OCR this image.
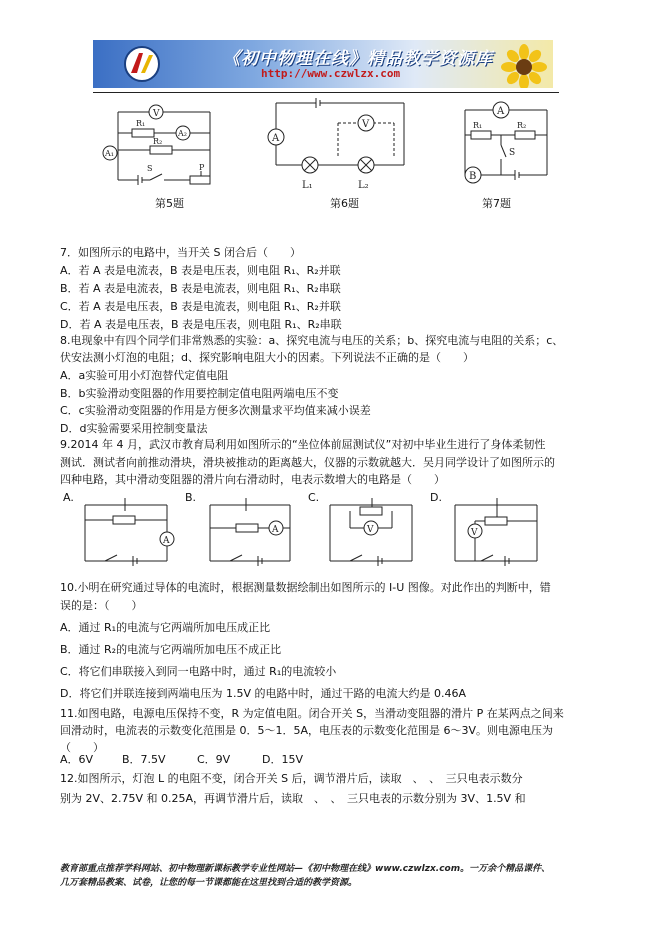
《初中物理在线》精品教学资源库
http://www.czwlzx.com
V
R₁
A₂
R₂
A₁
S	P
第5题
A
L₁	L₂
V
第6题
A
R₁	R₂
S
B
第7题
7．如图所示的电路中，当开关 S 闭合后（　　）
A．若 A 表是电流表，B 表是电压表，则电阻 R₁、R₂并联
B．若 A 表是电流表，B 表是电流表，则电阻 R₁、R₂串联
C．若 A 表是电压表，B 表是电流表，则电阻 R₁、R₂并联
D．若 A 表是电压表，B 表是电压表，则电阻 R₁、R₂串联
8.电现象中有四个同学们非常熟悉的实验：a、探究电流与电压的关系；b、探究电流与电阻的关系；c、
伏安法测小灯泡的电阻；d、探究影响电阻大小的因素。下列说法不正确的是（　　）
A．a实验可用小灯泡替代定值电阻
B．b实验滑动变阻器的作用要控制定值电阻两端电压不变
C．c实验滑动变阻器的作用是方便多次测量求平均值来减小误差
D．d实验需要采用控制变量法
9.2014 年 4 月，武汉市教育局利用如图所示的“坐位体前屈测试仪”对初中毕业生进行了身体柔韧性
测试．测试者向前推动滑块，滑块被推动的距离越大，仪器的示数就越大．吴月同学设计了如图所示的
四种电路，其中滑动变阻器的滑片向右滑动时，电表示数增大的电路是（　　）
A.
A
B.
A
C.
V
D.
V
10.小明在研究通过导体的电流时，根据测量数据绘制出如图所示的 I-U 图像。对此作出的判断中，错
误的是：（　　）
A．通过 R₁的电流与它两端所加电压成正比
B．通过 R₂的电流与它两端所加电压不成正比
C．将它们串联接入到同一电路中时，通过 R₁的电流较小
D．将它们并联连接到两端电压为 1.5V 的电路中时，通过干路的电流大约是 0.46A
11.如图电路，电源电压保持不变，R 为定值电阻。闭合开关 S，当滑动变阻器的滑片 P 在某两点之间来
回滑动时，电流表的示数变化范围是 0．5～1．5A，电压表的示数变化范围是 6～3V。则电源电压为
（　　）
A．6V	B．7.5V	C．9V	D．15V
12.如图所示，灯泡 L 的电阻不变，闭合开关 S 后，调节滑片后，读取　、　、　三只电表示数分
别为 2V、2.75V 和 0.25A，再调节滑片后，读取　、　、　三只电表的示数分别为 3V、1.5V 和
教育部重点推荐学科网站、初中物理新课标教学专业性网站—《初中物理在线》www.czwlzx.com。一万余个精品课件、
几万套精品教案、试卷，让您的每一节课都能在这里找到合适的教学资源。
